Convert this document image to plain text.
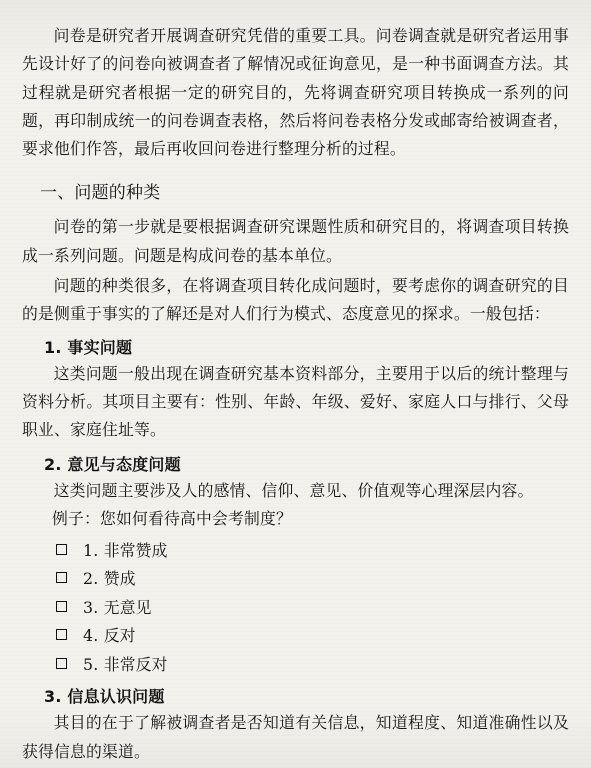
问卷是研究者开展调查研究凭借的重要工具。问卷调查就是研究者运用事先设计好了的问卷向被调查者了解情况或征询意见，是一种书面调查方法。其过程就是研究者根据一定的研究目的，先将调查研究项目转换成一系列的问题，再印制成统一的问卷调查表格，然后将问卷表格分发或邮寄给被调查者，要求他们作答，最后再收回问卷进行整理分析的过程。

一、问题的种类

问卷的第一步就是要根据调查研究课题性质和研究目的，将调查项目转换成一系列问题。问题是构成问卷的基本单位。

问题的种类很多，在将调查项目转化成问题时，要考虑你的调查研究的目的是侧重于事实的了解还是对人们行为模式、态度意见的探求。一般包括：

1. 事实问题

这类问题一般出现在调查研究基本资料部分，主要用于以后的统计整理与资料分析。其项目主要有：性别、年龄、年级、爱好、家庭人口与排行、父母职业、家庭住址等。

2. 意见与态度问题

这类问题主要涉及人的感情、信仰、意见、价值观等心理深层内容。

例子：您如何看待高中会考制度？
1. 非常赞成
2. 赞成
3. 无意见
4. 反对
5. 非常反对
3. 信息认识问题

其目的在于了解被调查者是否知道有关信息，知道程度、知道准确性以及获得信息的渠道。
